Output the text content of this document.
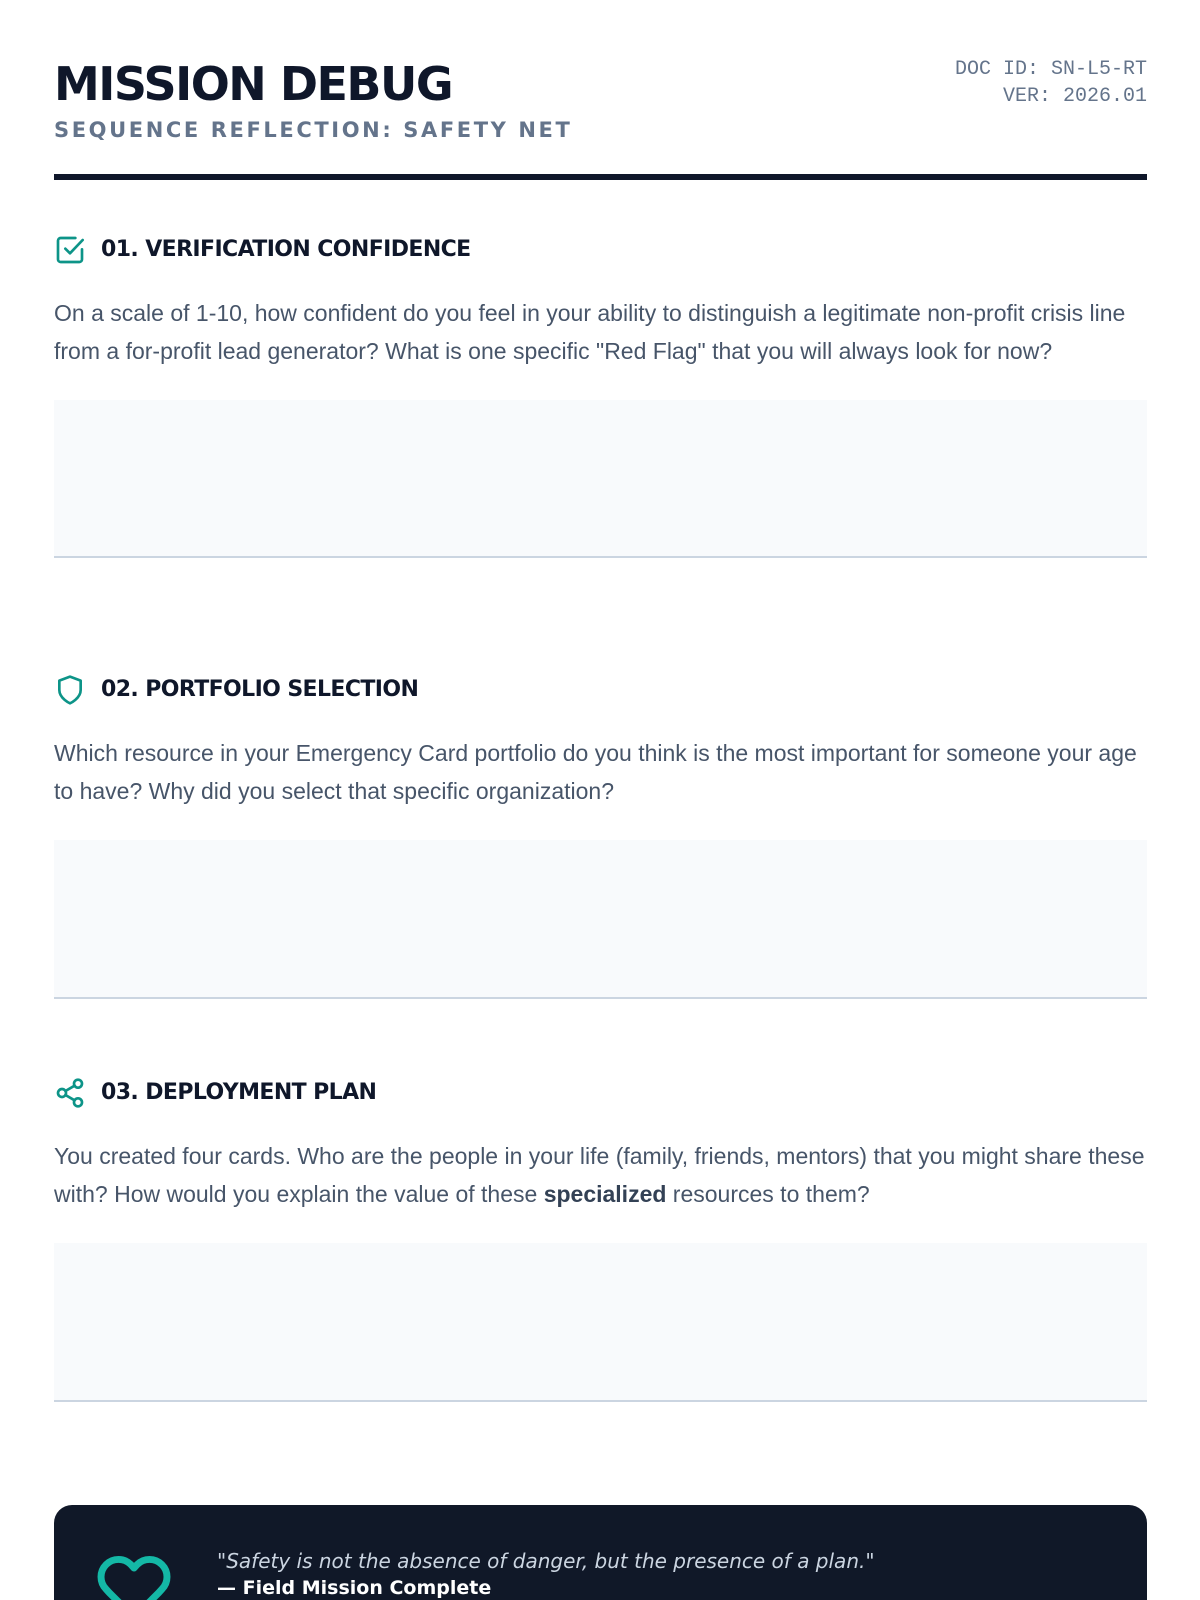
MISSION DEBUG
SEQUENCE REFLECTION: SAFETY NET
DOC ID: SN-L5-RT
VER: 2026.01
01. VERIFICATION CONFIDENCE

On a scale of 1-10, how confident do you feel in your ability to distinguish a legitimate non-profit crisis line from a for-profit lead generator? What is one specific "Red Flag" that you will always look for now?

02. PORTFOLIO SELECTION

Which resource in your Emergency Card portfolio do you think is the most important for someone your age to have? Why did you select that specific organization?

03. DEPLOYMENT PLAN

You created four cards. Who are the people in your life (family, friends, mentors) that you might share these with? How would you explain the value of these specialized resources to them?

"Safety is not the absence of danger, but the presence of a plan."
— Field Mission Complete
